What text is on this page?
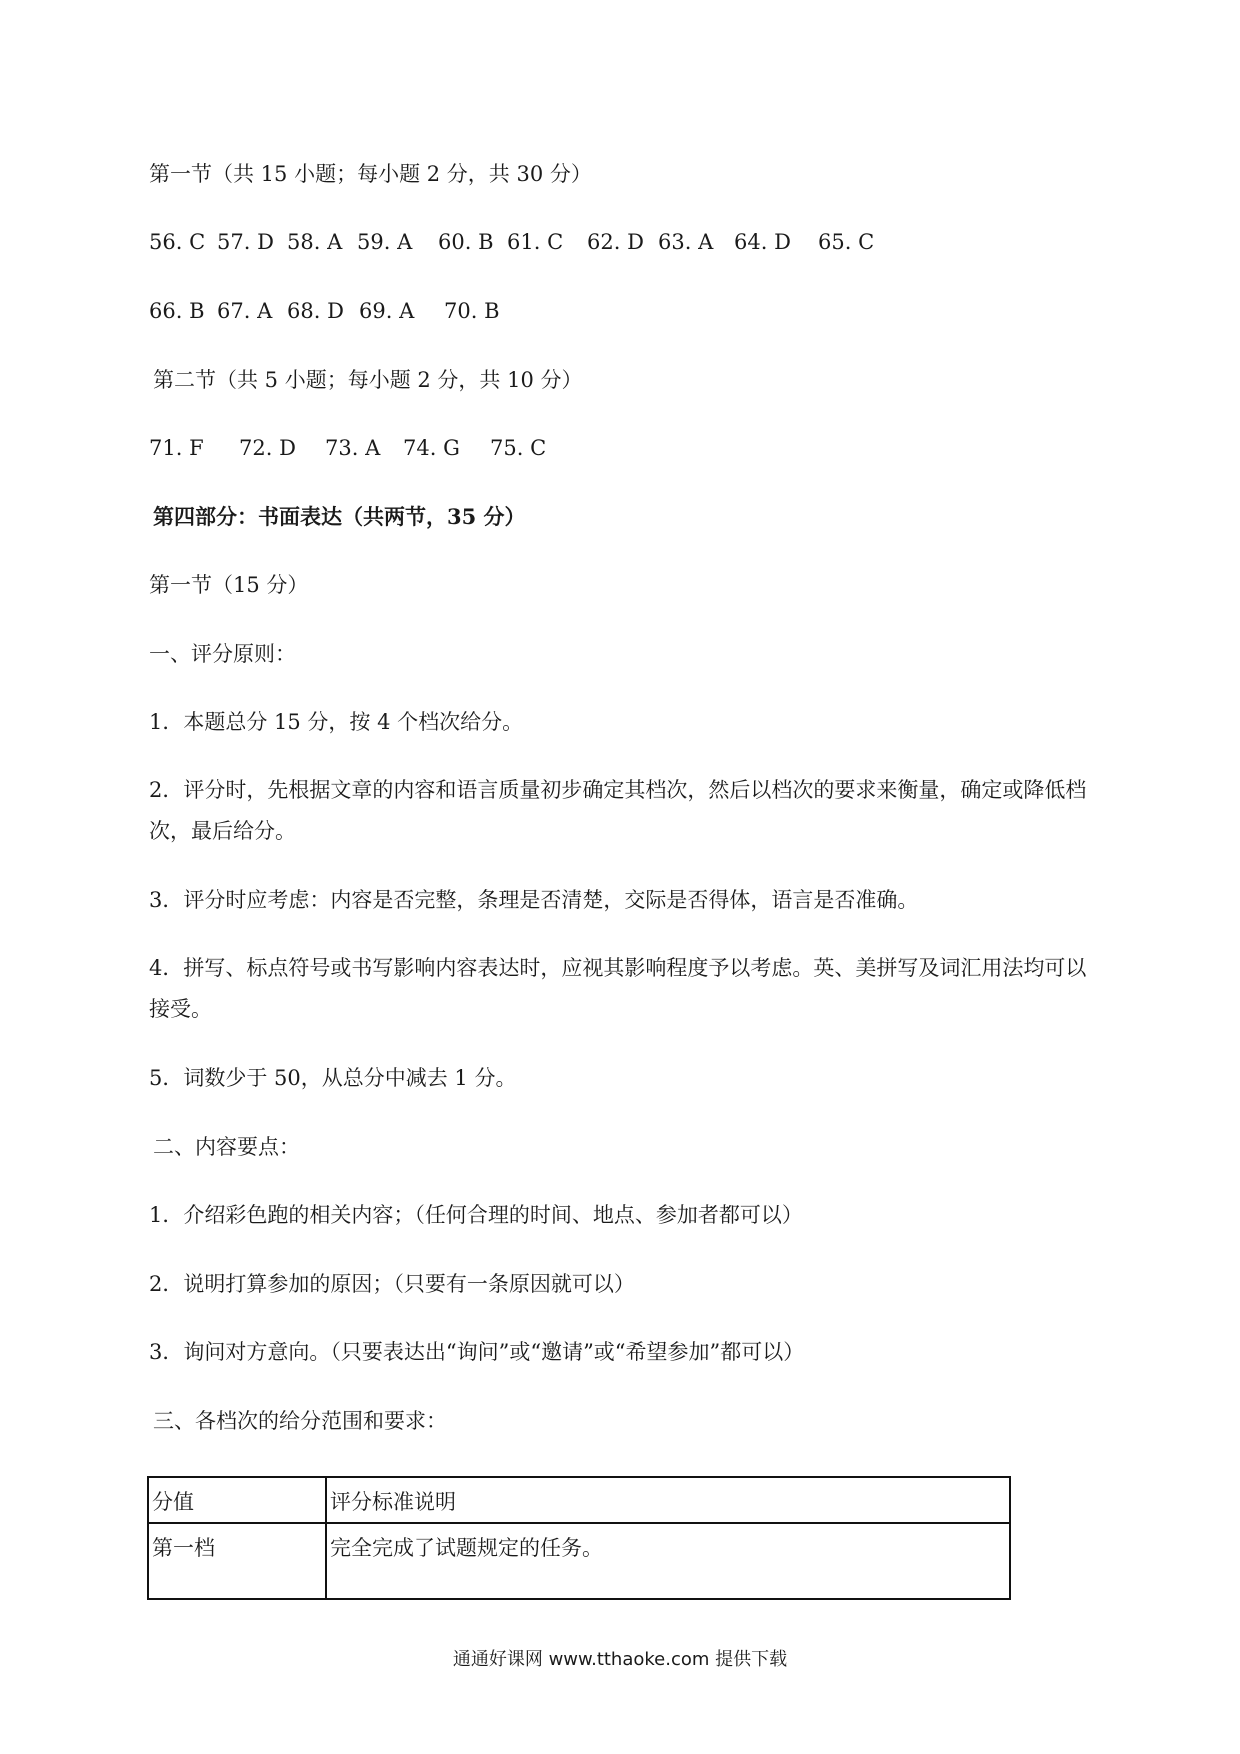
第一节（共 15 小题；每小题 2 分，共 30 分）
56. C 57. D 58. A 59. A 60. B 61. C 62. D 63. A 64. D 65. C
66. B 67. A 68. D 69. A 70. B
第二节（共 5 小题；每小题 2 分，共 10 分）
71. F 72. D 73. A 74. G 75. C
第四部分：书面表达（共两节，35 分）
第一节（15 分）
一、评分原则：
1．本题总分 15 分，按 4 个档次给分。
2．评分时，先根据文章的内容和语言质量初步确定其档次，然后以档次的要求来衡量，确定或降低档次，最后给分。
3．评分时应考虑：内容是否完整，条理是否清楚，交际是否得体，语言是否准确。
4．拼写、标点符号或书写影响内容表达时，应视其影响程度予以考虑。英、美拼写及词汇用法均可以接受。
5．词数少于 50，从总分中减去 1 分。
二、内容要点：
1．介绍彩色跑的相关内容；（任何合理的时间、地点、参加者都可以）
2．说明打算参加的原因；（只要有一条原因就可以）
3．询问对方意向。（只要表达出“询问”或“邀请”或“希望参加”都可以）
三、各档次的给分范围和要求：
分值	评分标准说明
第一档	完全完成了试题规定的任务。
通通好课网 www.tthaoke.com 提供下载
